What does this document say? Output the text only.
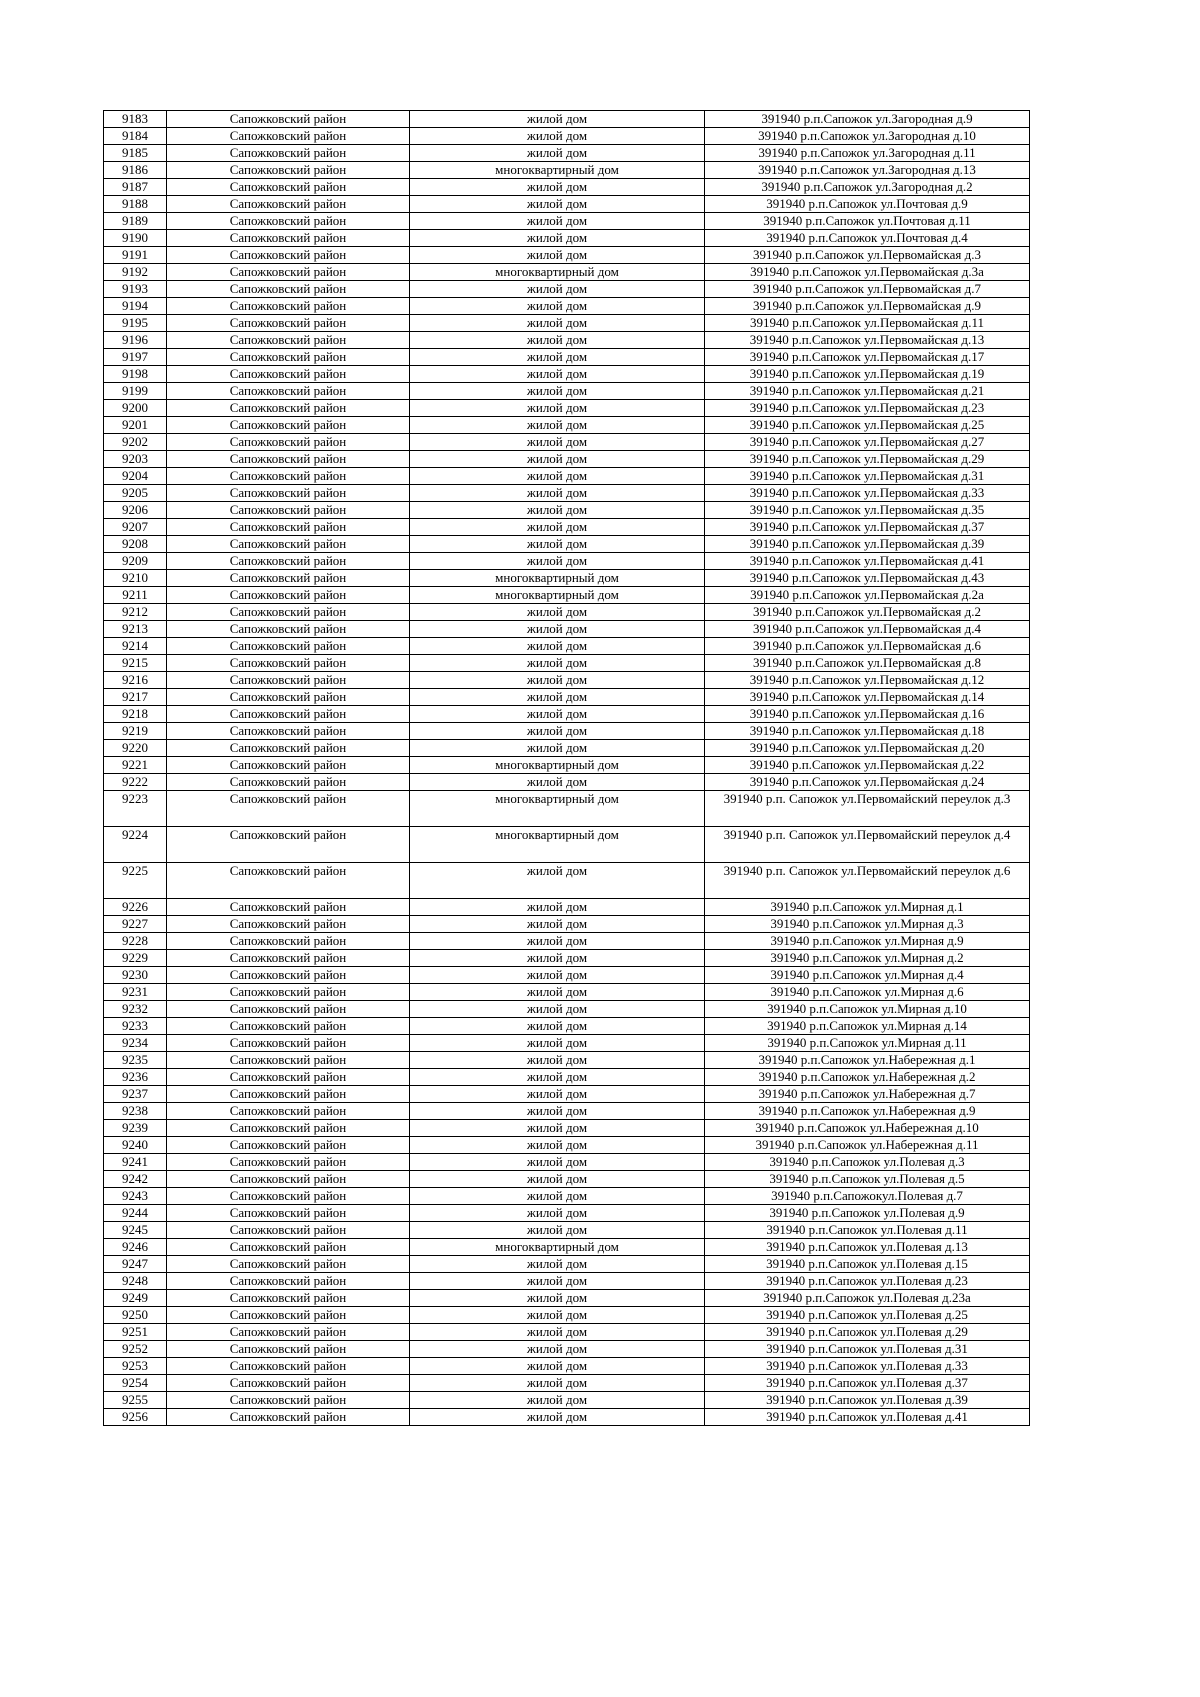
9183	Сапожковский район	жилой дом	391940 р.п.Сапожок ул.Загородная д.9
9184	Сапожковский район	жилой дом	391940 р.п.Сапожок ул.Загородная д.10
9185	Сапожковский район	жилой дом	391940 р.п.Сапожок ул.Загородная д.11
9186	Сапожковский район	многоквартирный дом	391940 р.п.Сапожок ул.Загородная д.13
9187	Сапожковский район	жилой дом	391940 р.п.Сапожок ул.Загородная д.2
9188	Сапожковский район	жилой дом	391940 р.п.Сапожок ул.Почтовая д.9
9189	Сапожковский район	жилой дом	391940 р.п.Сапожок ул.Почтовая д.11
9190	Сапожковский район	жилой дом	391940 р.п.Сапожок ул.Почтовая д.4
9191	Сапожковский район	жилой дом	391940 р.п.Сапожок ул.Первомайская д.3
9192	Сапожковский район	многоквартирный дом	391940 р.п.Сапожок ул.Первомайская д.3а
9193	Сапожковский район	жилой дом	391940 р.п.Сапожок ул.Первомайская д.7
9194	Сапожковский район	жилой дом	391940 р.п.Сапожок ул.Первомайская д.9
9195	Сапожковский район	жилой дом	391940 р.п.Сапожок ул.Первомайская д.11
9196	Сапожковский район	жилой дом	391940 р.п.Сапожок ул.Первомайская д.13
9197	Сапожковский район	жилой дом	391940 р.п.Сапожок ул.Первомайская д.17
9198	Сапожковский район	жилой дом	391940 р.п.Сапожок ул.Первомайская д.19
9199	Сапожковский район	жилой дом	391940 р.п.Сапожок ул.Первомайская д.21
9200	Сапожковский район	жилой дом	391940 р.п.Сапожок ул.Первомайская д.23
9201	Сапожковский район	жилой дом	391940 р.п.Сапожок ул.Первомайская д.25
9202	Сапожковский район	жилой дом	391940 р.п.Сапожок ул.Первомайская д.27
9203	Сапожковский район	жилой дом	391940 р.п.Сапожок ул.Первомайская д.29
9204	Сапожковский район	жилой дом	391940 р.п.Сапожок ул.Первомайская д.31
9205	Сапожковский район	жилой дом	391940 р.п.Сапожок ул.Первомайская д.33
9206	Сапожковский район	жилой дом	391940 р.п.Сапожок ул.Первомайская д.35
9207	Сапожковский район	жилой дом	391940 р.п.Сапожок ул.Первомайская д.37
9208	Сапожковский район	жилой дом	391940 р.п.Сапожок ул.Первомайская д.39
9209	Сапожковский район	жилой дом	391940 р.п.Сапожок ул.Первомайская д.41
9210	Сапожковский район	многоквартирный дом	391940 р.п.Сапожок ул.Первомайская д.43
9211	Сапожковский район	многоквартирный дом	391940 р.п.Сапожок ул.Первомайская д.2а
9212	Сапожковский район	жилой дом	391940 р.п.Сапожок ул.Первомайская д.2
9213	Сапожковский район	жилой дом	391940 р.п.Сапожок ул.Первомайская д.4
9214	Сапожковский район	жилой дом	391940 р.п.Сапожок ул.Первомайская д.6
9215	Сапожковский район	жилой дом	391940 р.п.Сапожок ул.Первомайская д.8
9216	Сапожковский район	жилой дом	391940 р.п.Сапожок ул.Первомайская д.12
9217	Сапожковский район	жилой дом	391940 р.п.Сапожок ул.Первомайская д.14
9218	Сапожковский район	жилой дом	391940 р.п.Сапожок ул.Первомайская д.16
9219	Сапожковский район	жилой дом	391940 р.п.Сапожок ул.Первомайская д.18
9220	Сапожковский район	жилой дом	391940 р.п.Сапожок ул.Первомайская д.20
9221	Сапожковский район	многоквартирный дом	391940 р.п.Сапожок ул.Первомайская д.22
9222	Сапожковский район	жилой дом	391940 р.п.Сапожок ул.Первомайская д.24
9223	Сапожковский район	многоквартирный дом	391940 р.п. Сапожок ул.Первомайский переулок д.3
9224	Сапожковский район	многоквартирный дом	391940 р.п. Сапожок ул.Первомайский переулок д.4
9225	Сапожковский район	жилой дом	391940 р.п. Сапожок ул.Первомайский переулок д.6
9226	Сапожковский район	жилой дом	391940 р.п.Сапожок ул.Мирная д.1
9227	Сапожковский район	жилой дом	391940 р.п.Сапожок ул.Мирная д.3
9228	Сапожковский район	жилой дом	391940 р.п.Сапожок ул.Мирная д.9
9229	Сапожковский район	жилой дом	391940 р.п.Сапожок ул.Мирная д.2
9230	Сапожковский район	жилой дом	391940 р.п.Сапожок ул.Мирная д.4
9231	Сапожковский район	жилой дом	391940 р.п.Сапожок ул.Мирная д.6
9232	Сапожковский район	жилой дом	391940 р.п.Сапожок ул.Мирная д.10
9233	Сапожковский район	жилой дом	391940 р.п.Сапожок ул.Мирная д.14
9234	Сапожковский район	жилой дом	391940 р.п.Сапожок ул.Мирная д.11
9235	Сапожковский район	жилой дом	391940 р.п.Сапожок ул.Набережная д.1
9236	Сапожковский район	жилой дом	391940 р.п.Сапожок ул.Набережная д.2
9237	Сапожковский район	жилой дом	391940 р.п.Сапожок ул.Набережная д.7
9238	Сапожковский район	жилой дом	391940 р.п.Сапожок ул.Набережная д.9
9239	Сапожковский район	жилой дом	391940 р.п.Сапожок ул.Набережная д.10
9240	Сапожковский район	жилой дом	391940 р.п.Сапожок ул.Набережная д.11
9241	Сапожковский район	жилой дом	391940 р.п.Сапожок ул.Полевая д.3
9242	Сапожковский район	жилой дом	391940 р.п.Сапожок ул.Полевая д.5
9243	Сапожковский район	жилой дом	391940 р.п.Сапожокул.Полевая д.7
9244	Сапожковский район	жилой дом	391940 р.п.Сапожок ул.Полевая д.9
9245	Сапожковский район	жилой дом	391940 р.п.Сапожок ул.Полевая д.11
9246	Сапожковский район	многоквартирный дом	391940 р.п.Сапожок ул.Полевая д.13
9247	Сапожковский район	жилой дом	391940 р.п.Сапожок ул.Полевая д.15
9248	Сапожковский район	жилой дом	391940 р.п.Сапожок ул.Полевая д.23
9249	Сапожковский район	жилой дом	391940 р.п.Сапожок ул.Полевая д.23а
9250	Сапожковский район	жилой дом	391940 р.п.Сапожок ул.Полевая д.25
9251	Сапожковский район	жилой дом	391940 р.п.Сапожок ул.Полевая д.29
9252	Сапожковский район	жилой дом	391940 р.п.Сапожок ул.Полевая д.31
9253	Сапожковский район	жилой дом	391940 р.п.Сапожок ул.Полевая д.33
9254	Сапожковский район	жилой дом	391940 р.п.Сапожок ул.Полевая д.37
9255	Сапожковский район	жилой дом	391940 р.п.Сапожок ул.Полевая д.39
9256	Сапожковский район	жилой дом	391940 р.п.Сапожок ул.Полевая д.41
